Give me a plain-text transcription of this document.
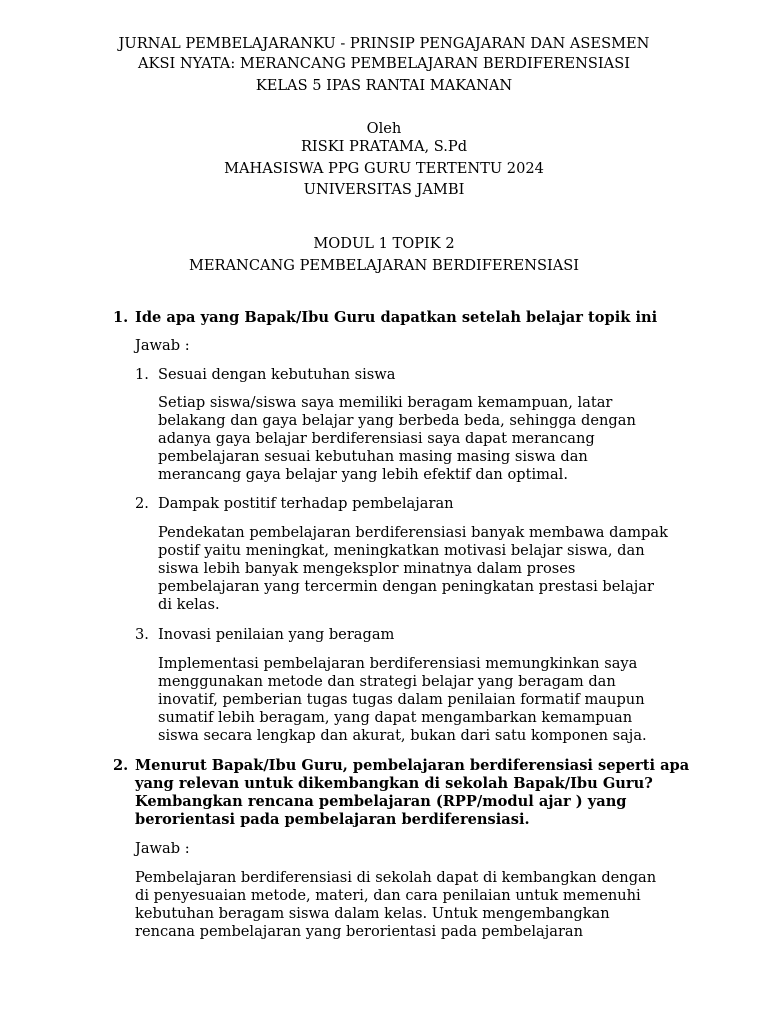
JURNAL PEMBELAJARANKU - PRINSIP PENGAJARAN DAN ASESMEN
AKSI NYATA: MERANCANG PEMBELAJARAN BERDIFERENSIASI
KELAS 5 IPAS RANTAI MAKANAN
Oleh
RISKI PRATAMA, S.Pd
MAHASISWA PPG GURU TERTENTU 2024
UNIVERSITAS JAMBI
MODUL 1 TOPIK 2
MERANCANG PEMBELAJARAN BERDIFERENSIASI
1. Ide apa yang Bapak/Ibu Guru dapatkan setelah belajar topik ini
Jawab :
1. Sesuai dengan kebutuhan siswa
Setiap siswa/siswa saya memiliki beragam kemampuan, latar
belakang dan gaya belajar yang berbeda beda, sehingga dengan
adanya gaya belajar berdiferensiasi saya dapat merancang
pembelajaran sesuai kebutuhan masing masing siswa dan
merancang gaya belajar yang lebih efektif dan optimal.
2. Dampak postitif terhadap pembelajaran
Pendekatan pembelajaran berdiferensiasi banyak membawa dampak
postif yaitu meningkat, meningkatkan motivasi belajar siswa, dan
siswa lebih banyak mengeksplor minatnya dalam proses
pembelajaran yang tercermin dengan peningkatan prestasi belajar
di kelas.
3. Inovasi penilaian yang beragam
Implementasi pembelajaran berdiferensiasi memungkinkan saya
menggunakan metode dan strategi belajar yang beragam dan
inovatif, pemberian tugas tugas dalam penilaian formatif maupun
sumatif lebih beragam, yang dapat mengambarkan kemampuan
siswa secara lengkap dan akurat, bukan dari satu komponen saja.
2. Menurut Bapak/Ibu Guru, pembelajaran berdiferensiasi seperti apa
yang relevan untuk dikembangkan di sekolah Bapak/Ibu Guru?
Kembangkan rencana pembelajaran (RPP/modul ajar ) yang
berorientasi pada pembelajaran berdiferensiasi.
Jawab :
Pembelajaran berdiferensiasi di sekolah dapat di kembangkan dengan
di penyesuaian metode, materi, dan cara penilaian untuk memenuhi
kebutuhan beragam siswa dalam kelas. Untuk mengembangkan
rencana pembelajaran yang berorientasi pada pembelajaran
